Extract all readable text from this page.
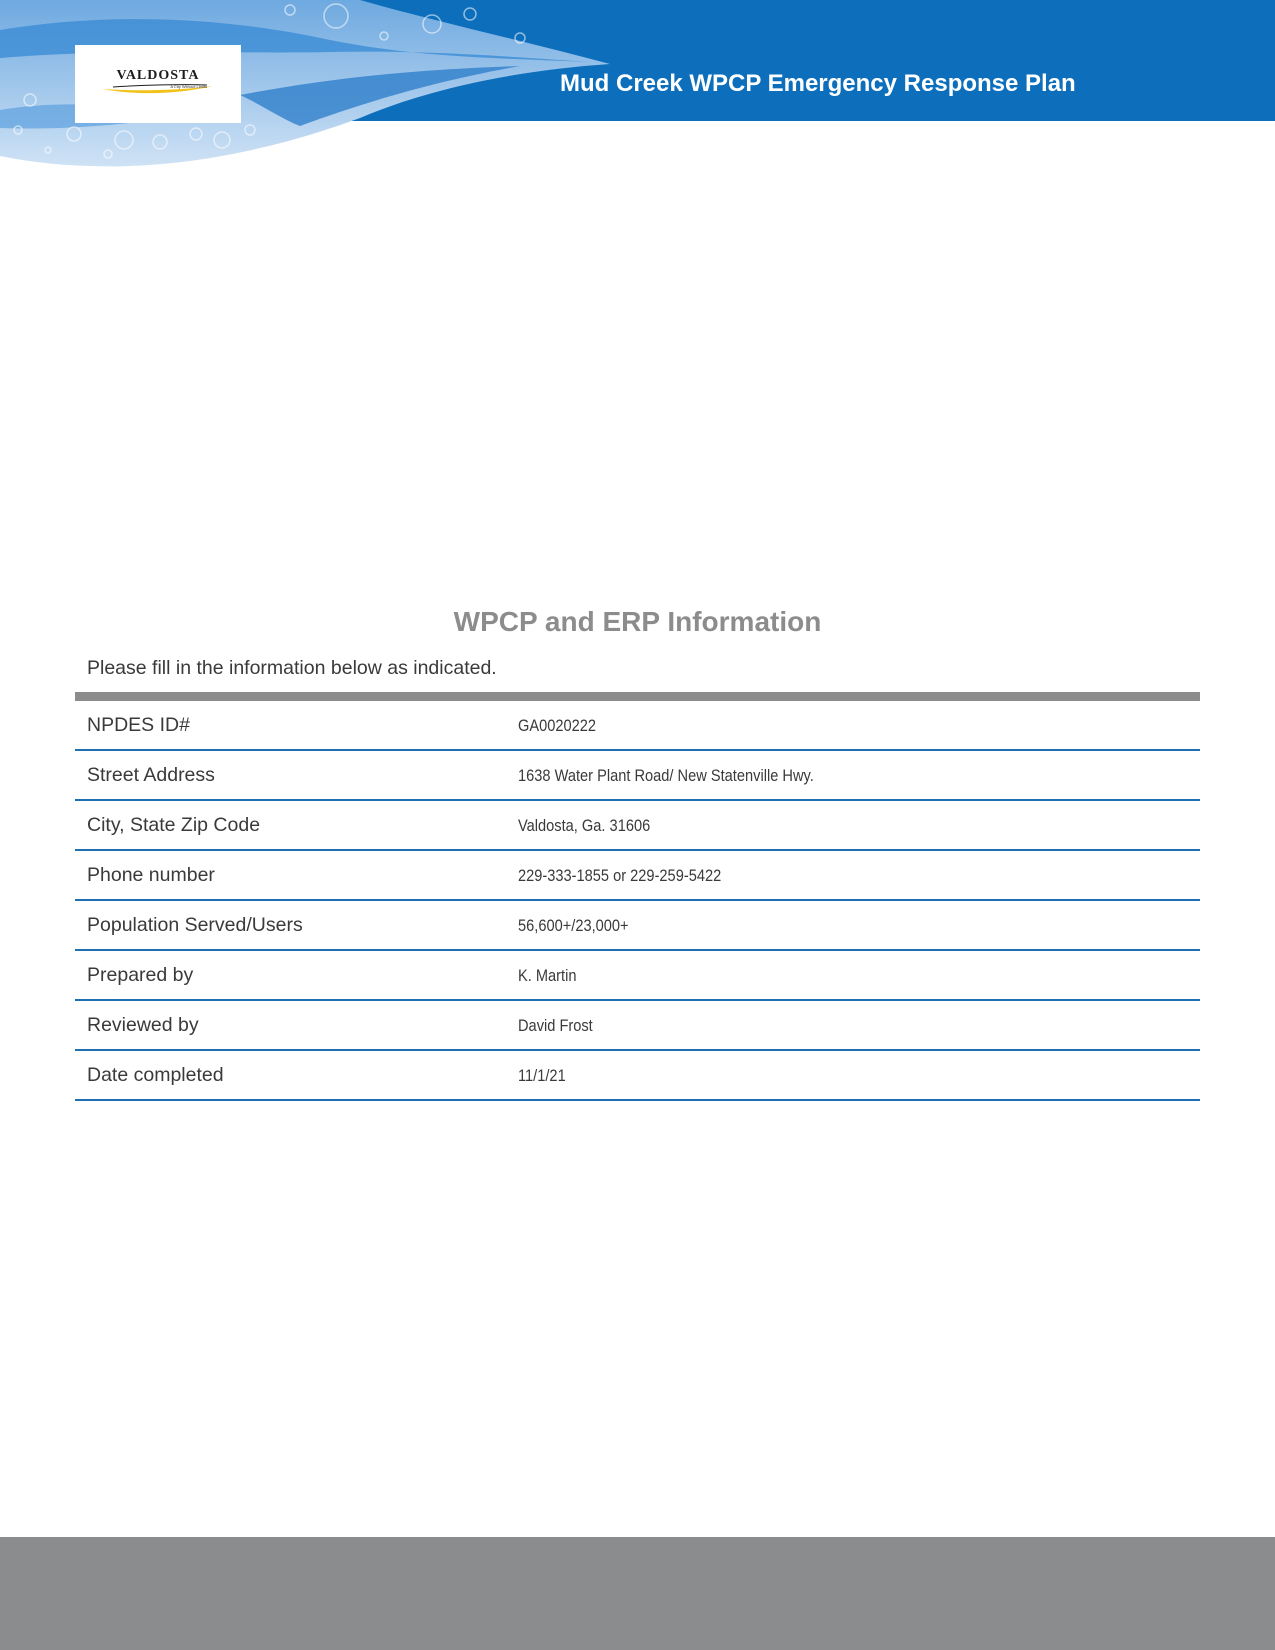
VALDOSTA
A City Without Limits	Mud Creek WPCP Emergency Response Plan
WPCP and ERP Information
Please fill in the information below as indicated.
NPDES ID#	GA0020222
Street Address	1638 Water Plant Road/ New Statenville Hwy.
City, State Zip Code	Valdosta, Ga. 31606
Phone number	229-333-1855 or 229-259-5422
Population Served/Users	56,600+/23,000+
Prepared by	K. Martin
Reviewed by	David Frost
Date completed	11/1/21
